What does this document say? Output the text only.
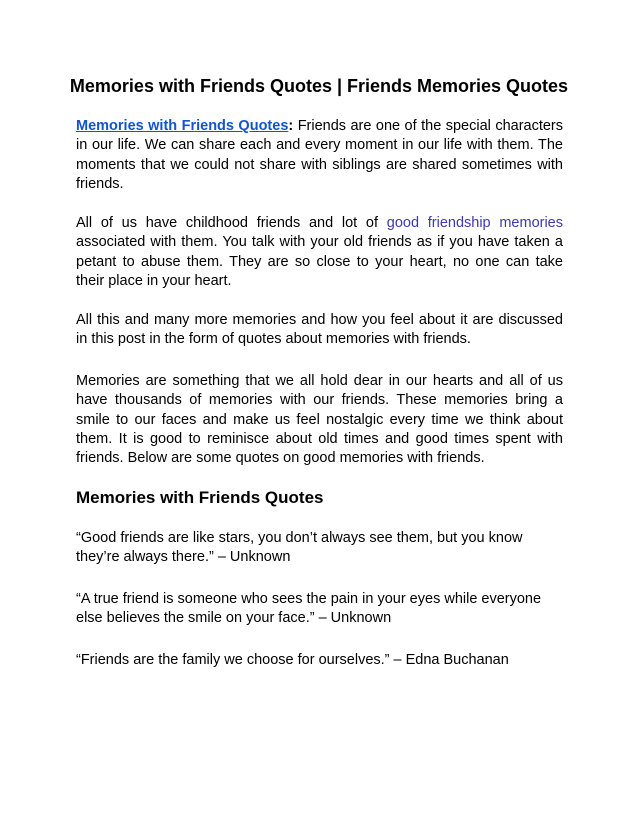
Memories with Friends Quotes | Friends Memories Quotes

Memories with Friends Quotes: Friends are one of the special characters in our life. We can share each and every moment in our life with them. The moments that we could not share with siblings are shared sometimes with friends.

All of us have childhood friends and lot of good friendship memories associated with them. You talk with your old friends as if you have taken a petant to abuse them. They are so close to your heart, no one can take their place in your heart.

All this and many more memories and how you feel about it are discussed in this post in the form of quotes about memories with friends.

Memories are something that we all hold dear in our hearts and all of us have thousands of memories with our friends. These memories bring a smile to our faces and make us feel nostalgic every time we think about them. It is good to reminisce about old times and good times spent with friends. Below are some quotes on good memories with friends.

Memories with Friends Quotes

“Good friends are like stars, you don’t always see them, but you know they’re always there.” – Unknown

“A true friend is someone who sees the pain in your eyes while everyone else believes the smile on your face.” – Unknown

“Friends are the family we choose for ourselves.” – Edna Buchanan
